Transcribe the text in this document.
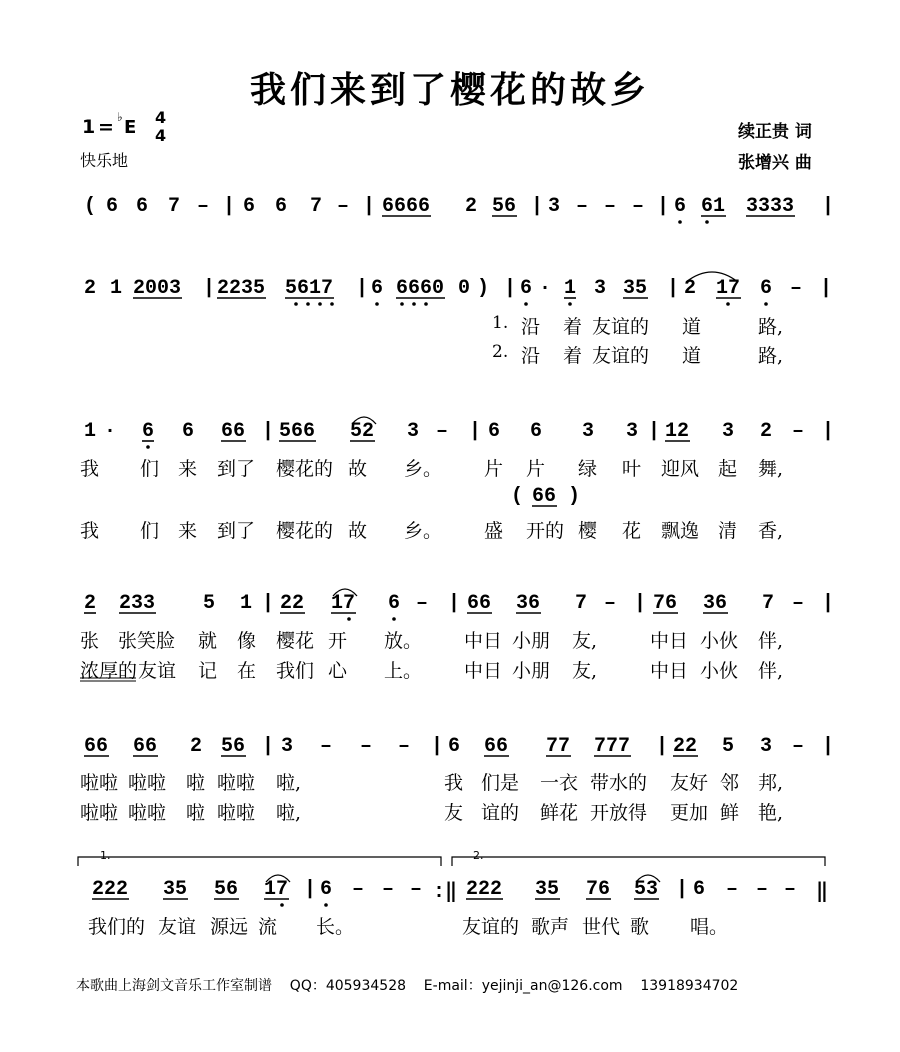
我们来到了樱花的故乡
1 = ♭ E 4
4
快乐地
续正贵 词
张增兴 曲
( 6 6 7 – | 6 6 7 – | 6666 2 56 | 3 – – – | 6 61 3333 |
2 1 2003 | 2235 5617 | 6 6660 0 ) | 6 · 1 3 35 | 2 17 6 – |
1. 沿 着 友谊的 道	路,
2. 沿 着 友谊的 道	路,
1 · 6 6 66 | 566 52 3 – | 6 6 3 3 | 12 3 2 – |
我 们 来 到了 樱花的 故 乡。 片 片 绿 叶 迎风 起 舞,
( 66 )
我 们 来 到了 樱花的 故 乡。 盛 开的 樱 花 飘逸 清 香,
2 233 5 1 | 22 17 6 – | 66 36 7 – | 76 36 7 – |
张 张笑脸 就 像 樱花 开 放。 中日 小朋 友,	中日 小伙 伴,
浓厚的 友谊 记 在 我们 心 上。 中日 小朋 友,	中日 小伙 伴,
66 66 2 56 | 3 – – – | 6 66 77 777 | 22 5 3 – |
啦啦 啦啦 啦 啦啦 啦,	我 们是 一衣 带水的 友好 邻 邦,
啦啦 啦啦 啦 啦啦 啦,	友 谊的 鲜花 开放得 更加 鲜 艳,
1.	2.
222 35 56 17 | 6 – – – :‖ 222 35 76 53 | 6 – – – ‖
我们的 友谊 源远 流 长。	友谊的 歌声 世代 歌 唱。
本歌曲上海剑文音乐工作室制谱    QQ：405934528    E-mail：yejinji_an@126.com    13918934702
